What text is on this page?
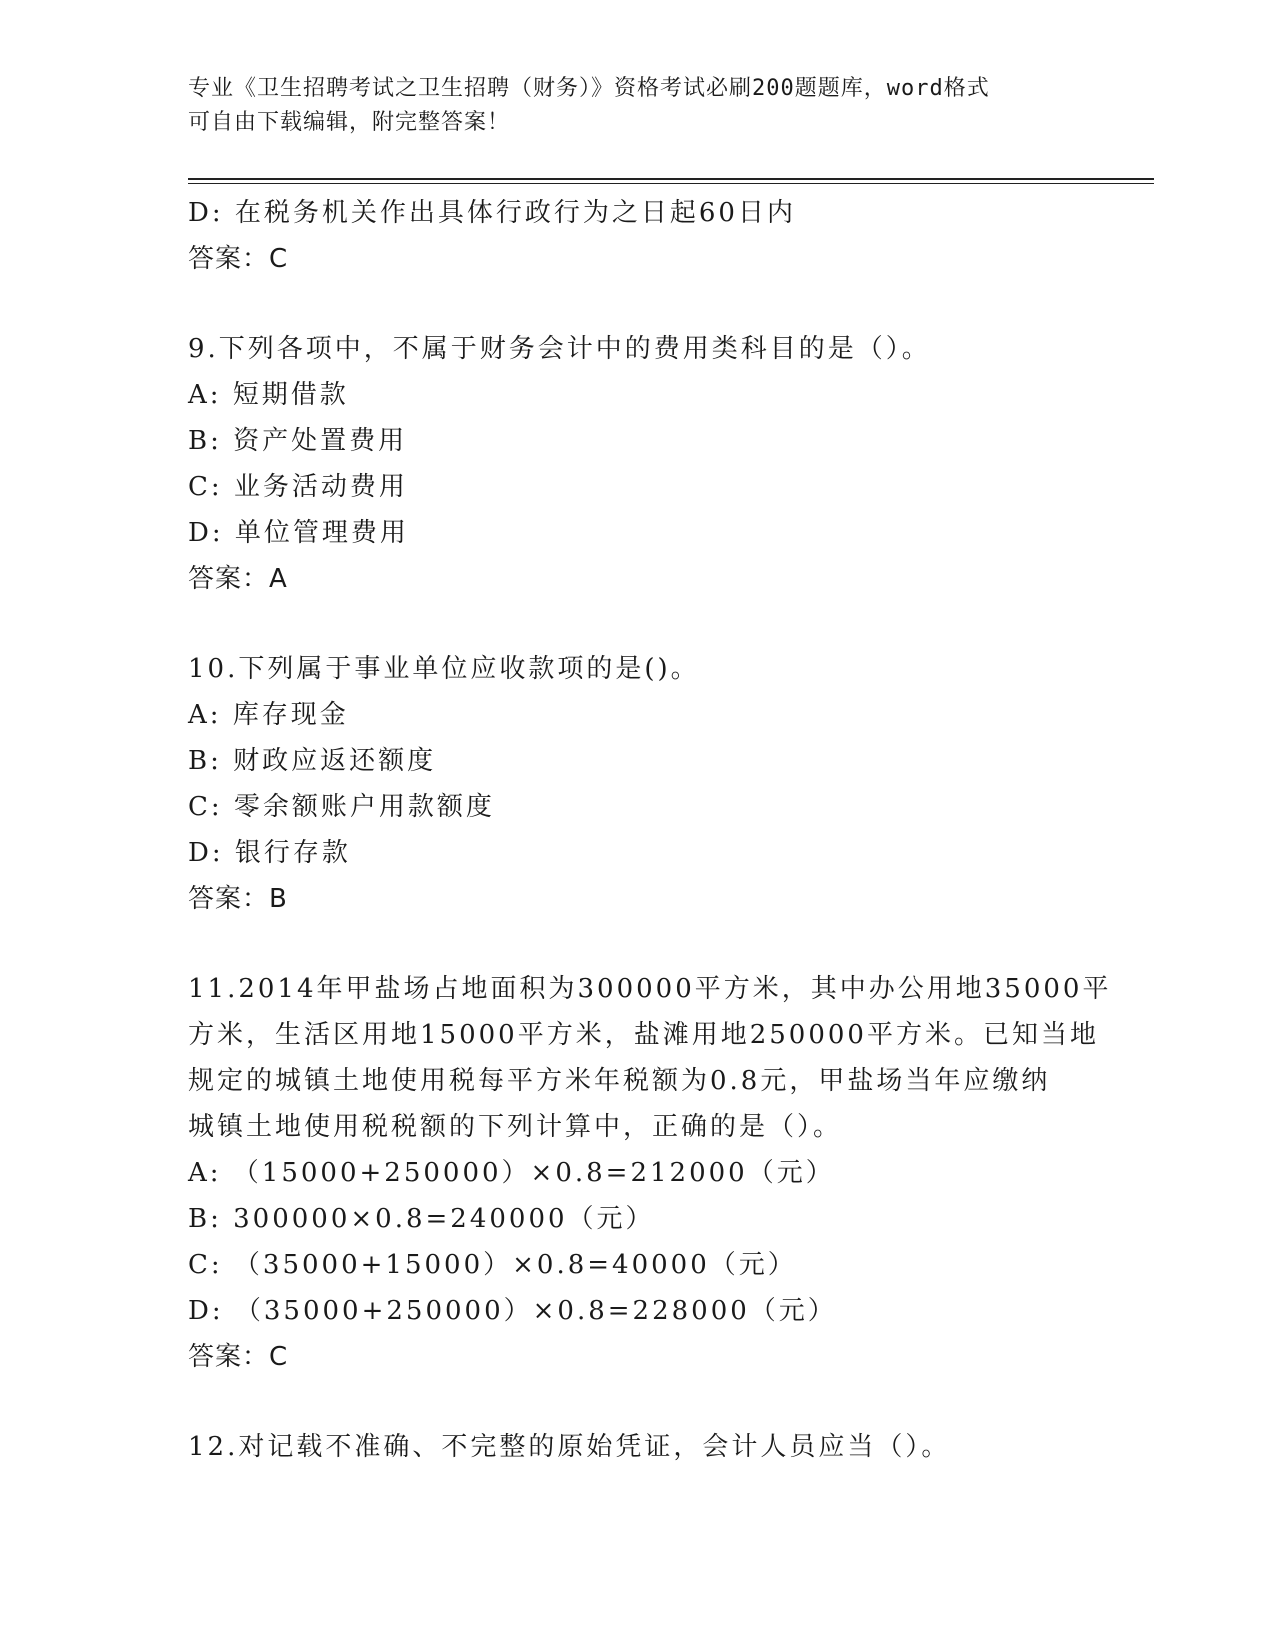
专业《卫生招聘考试之卫生招聘（财务）》资格考试必刷200题题库，word格式
可自由下载编辑，附完整答案！
D: 在税务机关作出具体行政行为之日起60日内
答案：C
9.下列各项中，不属于财务会计中的费用类科目的是（）。
A: 短期借款
B: 资产处置费用
C: 业务活动费用
D: 单位管理费用
答案：A
10.下列属于事业单位应收款项的是()。
A: 库存现金
B: 财政应返还额度
C: 零余额账户用款额度
D: 银行存款
答案：B
11.2014年甲盐场占地面积为300000平方米，其中办公用地35000平
方米，生活区用地15000平方米，盐滩用地250000平方米。已知当地
规定的城镇土地使用税每平方米年税额为0.8元，甲盐场当年应缴纳
城镇土地使用税税额的下列计算中，正确的是（）。
A: （15000+250000）×0.8=212000（元）
B: 300000×0.8=240000（元）
C: （35000+15000）×0.8=40000（元）
D: （35000+250000）×0.8=228000（元）
答案：C
12.对记载不准确、不完整的原始凭证，会计人员应当（）。
